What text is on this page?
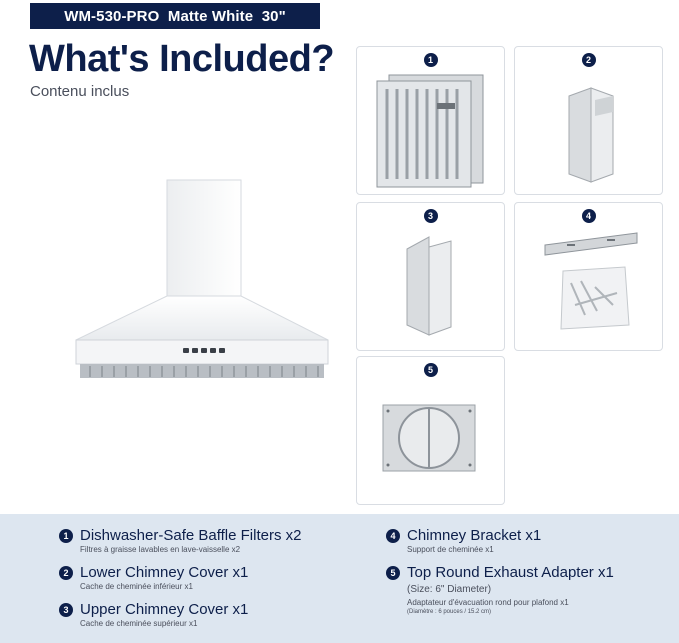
WM-530-PRO  Matte White  30"
What's Included?
Contenu inclus
1	2
3	4
5
1 Dishwasher-Safe Baffle Filters x2
Filtres à graisse lavables en lave-vaisselle x2
2 Lower Chimney Cover x1
Cache de cheminée inférieur x1
3 Upper Chimney Cover x1
Cache de cheminée supérieur x1
4 Chimney Bracket x1
Support de cheminée x1
5 Top Round Exhaust Adapter x1
(Size: 6" Diameter)
Adaptateur d'évacuation rond pour plafond x1
(Diamètre : 6 pouces / 15.2 cm)
